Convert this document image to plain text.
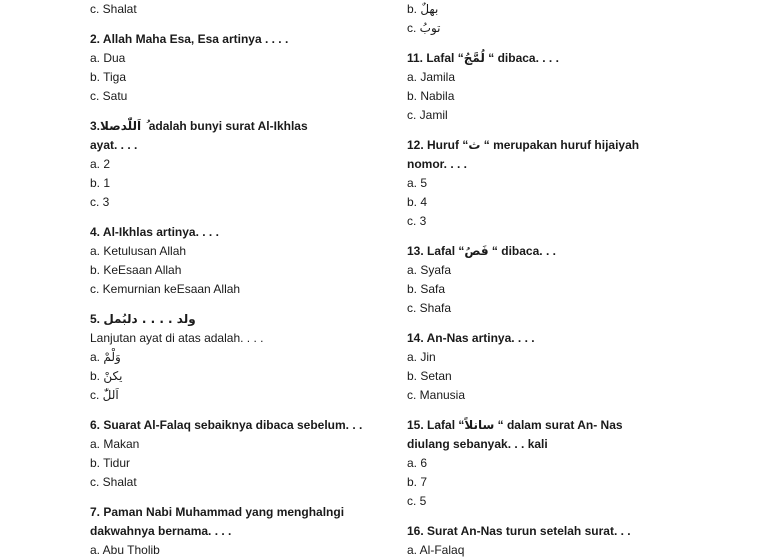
c. Shalat
2. Allah Maha Esa, Esa artinya . . . .
a. Dua
b. Tiga
c. Satu
3.ُ اَللّٰدصلا adalah bunyi surat Al-Ikhlas
ayat. . . .
a. 2
b. 1
c. 3
4. Al-Ikhlas artinya. . . .
a. Ketulusan Allah
b. KeEsaan Allah
c. Kemurnian keEsaan Allah
5. ولد . . . . دلبُمل
Lanjutan ayat di atas adalah. . . .
a. وَلْمْ
b. يكنْ
c. اَللّٰ
6. Suarat Al-Falaq sebaiknya dibaca sebelum. . .
a. Makan
b. Tidur
c. Shalat
7. Paman Nabi Muhammad yang menghalngi
dakwahnya bernama. . . .
a. Abu Tholib
b. بهلٌ
c. توبُ
11. Lafal “لُمَّجُ “ dibaca. . . .
a. Jamila
b. Nabila
c. Jamil
12. Huruf “ث “ merupakan huruf hijaiyah
nomor. . . .
a. 5
b. 4
c. 3
13. Lafal “فَصُ “ dibaca. . .
a. Syafa
b. Safa
c. Shafa
14. An-Nas artinya. . . .
a. Jin
b. Setan
c. Manusia
15. Lafal “سانلاً “ dalam surat An- Nas
diulang sebanyak. . . kali
a. 6
b. 7
c. 5
16. Surat An-Nas turun setelah surat. . .
a. Al-Falaq
